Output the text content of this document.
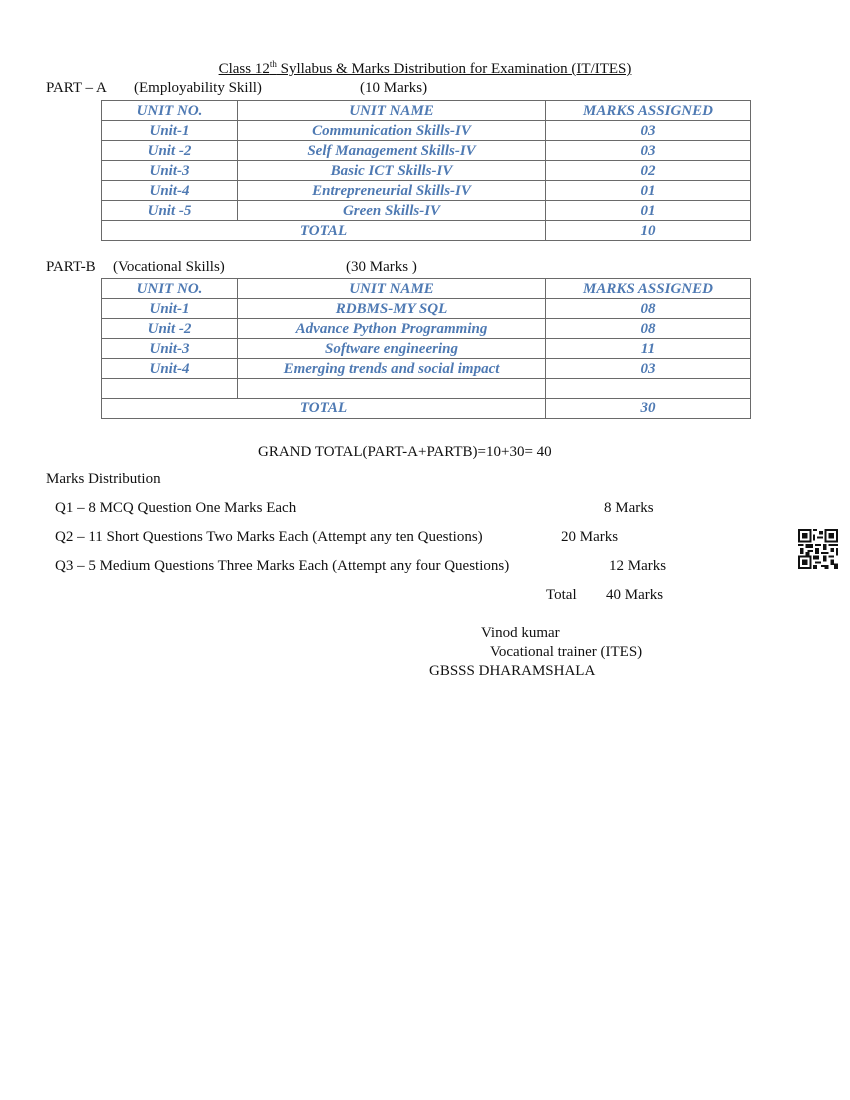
Class 12th Syllabus & Marks Distribution for Examination (IT/ITES)
PART – A (Employability Skill)	(10 Marks)
UNIT NO.	UNIT NAME	MARKS ASSIGNED
Unit-1	Communication Skills-IV	03
Unit -2	Self Management Skills-IV	03
Unit-3	Basic ICT Skills-IV	02
Unit-4	Entrepreneurial Skills-IV	01
Unit -5	Green Skills-IV	01
TOTAL		10
PART-B (Vocational Skills)	(30 Marks )
UNIT NO.	UNIT NAME	MARKS ASSIGNED
Unit-1	RDBMS-MY SQL	08
Unit -2	Advance Python Programming	08
Unit-3	Software engineering	11
Unit-4	Emerging trends and social impact	03

TOTAL		30
GRAND TOTAL(PART-A+PARTB)=10+30= 40
Marks Distribution
Q1 – 8 MCQ Question One Marks Each	8 Marks
Q2 – 11 Short Questions Two Marks Each (Attempt any ten Questions)	20 Marks
Q3 – 5 Medium Questions Three Marks Each (Attempt any four Questions)	12 Marks
Total 40 Marks
Vinod kumar
Vocational trainer (ITES)
GBSSS DHARAMSHALA
